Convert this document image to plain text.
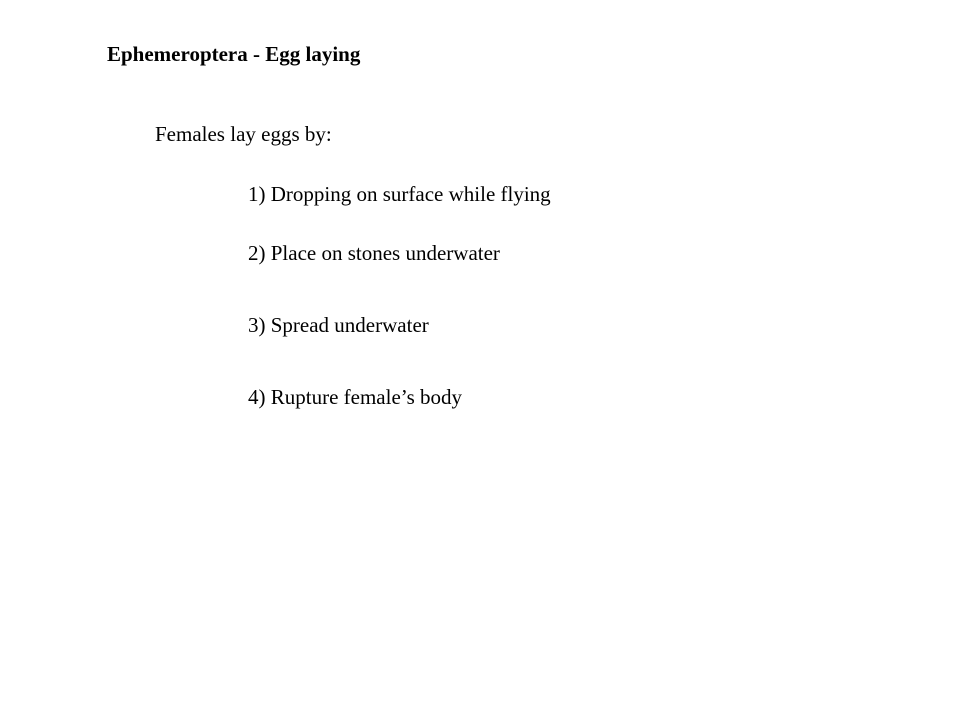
Ephemeroptera - Egg laying
Females lay eggs by:
1) Dropping on surface while flying
2) Place on stones underwater
3) Spread underwater
4) Rupture female’s body
